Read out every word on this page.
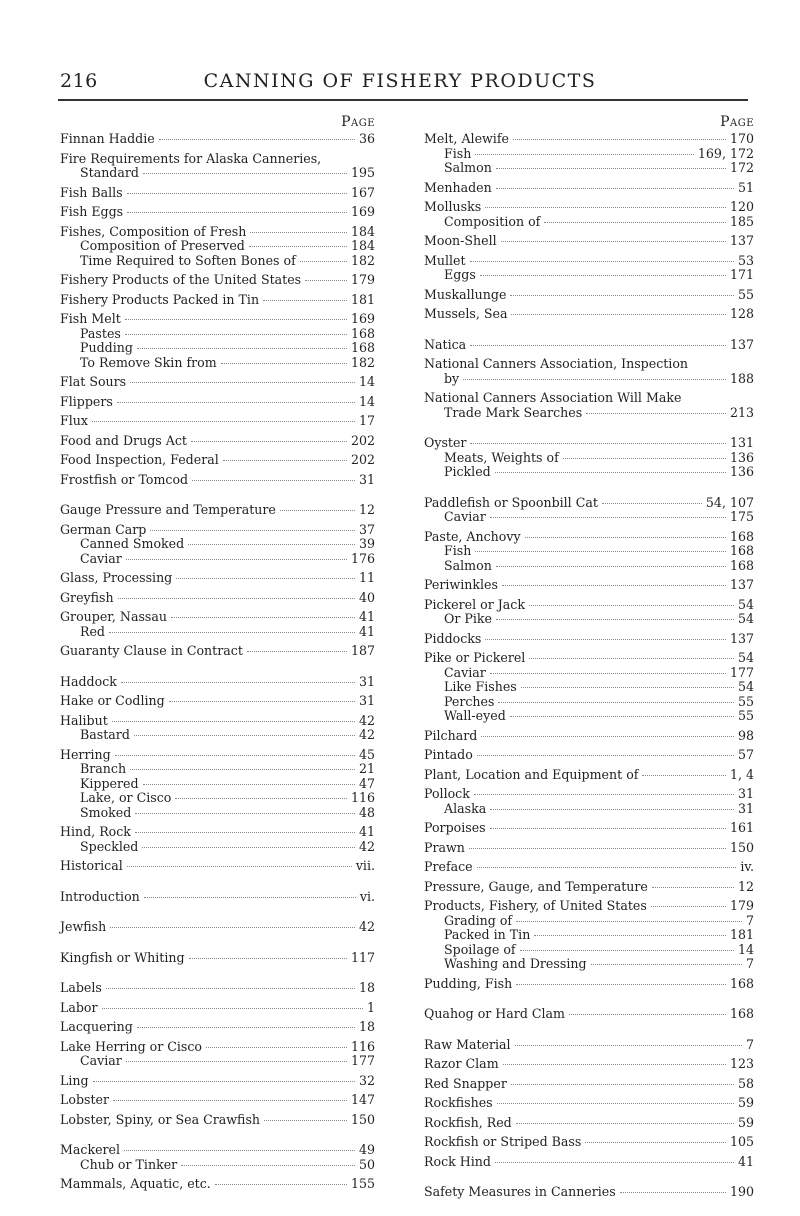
216	CANNING OF FISHERY PRODUCTS
Page
Finnan Haddie	36
Fire Requirements for Alaska Canneries,
Standard	195
Fish Balls	167
Fish Eggs	169
Fishes, Composition of Fresh	184
Composition of Preserved	184
Time Required to Soften Bones of	182
Fishery Products of the United States	179
Fishery Products Packed in Tin	181
Fish Melt	169
Pastes	168
Pudding	168
To Remove Skin from	182
Flat Sours	14
Flippers	14
Flux	17
Food and Drugs Act	202
Food Inspection, Federal	202
Frostfish or Tomcod	31
Gauge Pressure and Temperature	12
German Carp	37
Canned Smoked	39
Caviar	176
Glass, Processing	11
Greyfish	40
Grouper, Nassau	41
Red	41
Guaranty Clause in Contract	187
Haddock	31
Hake or Codling	31
Halibut	42
Bastard	42
Herring	45
Branch	21
Kippered	47
Lake, or Cisco	116
Smoked	48
Hind, Rock	41
Speckled	42
Historical	vii.
Introduction	vi.
Jewfish	42
Kingfish or Whiting	117
Labels	18
Labor	1
Lacquering	18
Lake Herring or Cisco	116
Caviar	177
Ling	32
Lobster	147
Lobster, Spiny, or Sea Crawfish	150
Mackerel	49
Chub or Tinker	50
Mammals, Aquatic, etc.	155
Page
Melt, Alewife	170
Fish	169, 172
Salmon	172
Menhaden	51
Mollusks	120
Composition of	185
Moon-Shell	137
Mullet	53
Eggs	171
Muskallunge	55
Mussels, Sea	128
Natica	137
National Canners Association, Inspection
by	188
National Canners Association Will Make
Trade Mark Searches	213
Oyster	131
Meats, Weights of	136
Pickled	136
Paddlefish or Spoonbill Cat	54, 107
Caviar	175
Paste, Anchovy	168
Fish	168
Salmon	168
Periwinkles	137
Pickerel or Jack	54
Or Pike	54
Piddocks	137
Pike or Pickerel	54
Caviar	177
Like Fishes	54
Perches	55
Wall-eyed	55
Pilchard	98
Pintado	57
Plant, Location and Equipment of	1, 4
Pollock	31
Alaska	31
Porpoises	161
Prawn	150
Preface	iv.
Pressure, Gauge, and Temperature	12
Products, Fishery, of United States	179
Grading of	7
Packed in Tin	181
Spoilage of	14
Washing and Dressing	7
Pudding, Fish	168
Quahog or Hard Clam	168
Raw Material	7
Razor Clam	123
Red Snapper	58
Rockfishes	59
Rockfish, Red	59
Rockfish or Striped Bass	105
Rock Hind	41
Safety Measures in Canneries	190
